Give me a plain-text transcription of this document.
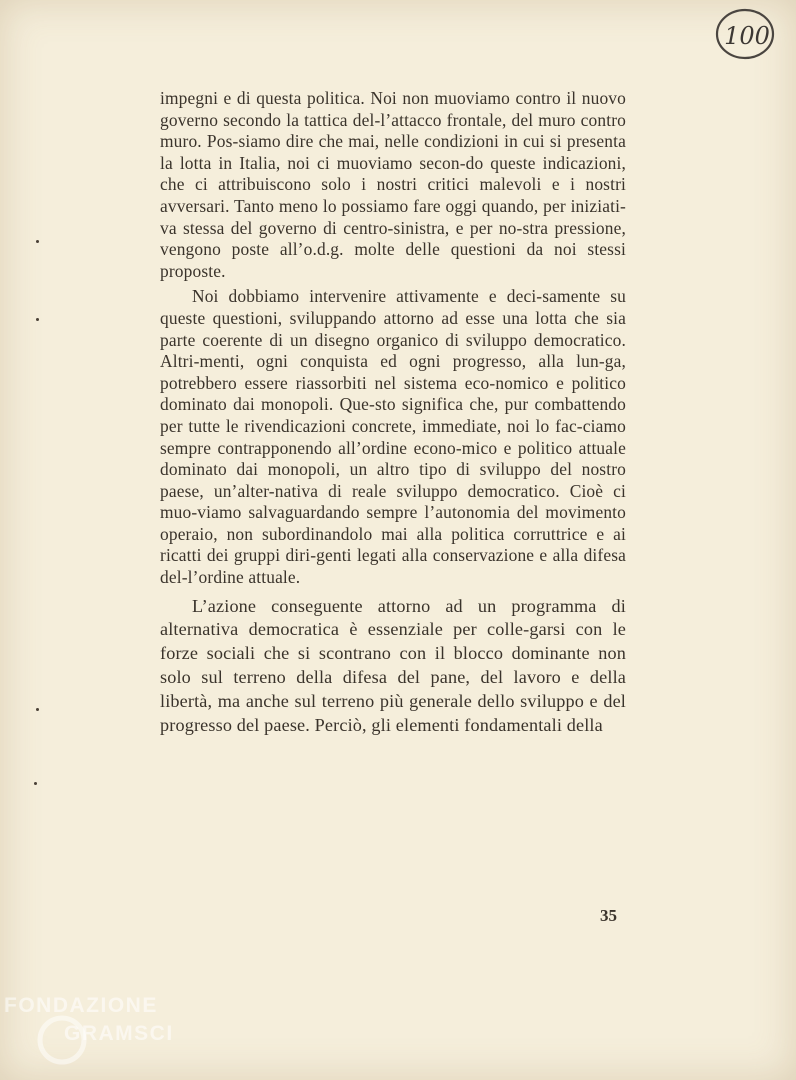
100

impegni e di questa politica. Noi non muoviamo contro il nuovo governo secondo la tattica del-l’attacco frontale, del muro contro muro. Pos-siamo dire che mai, nelle condizioni in cui si presenta la lotta in Italia, noi ci muoviamo secon-do queste indicazioni, che ci attribuiscono solo i nostri critici malevoli e i nostri avversari. Tanto meno lo possiamo fare oggi quando, per iniziati-va stessa del governo di centro-sinistra, e per no-stra pressione, vengono poste all’o.d.g. molte delle questioni da noi stessi proposte.

Noi dobbiamo intervenire attivamente e deci-samente su queste questioni, sviluppando attorno ad esse una lotta che sia parte coerente di un disegno organico di sviluppo democratico. Altri-menti, ogni conquista ed ogni progresso, alla lun-ga, potrebbero essere riassorbiti nel sistema eco-nomico e politico dominato dai monopoli. Que-sto significa che, pur combattendo per tutte le rivendicazioni concrete, immediate, noi lo fac-ciamo sempre contrapponendo all’ordine econo-mico e politico attuale dominato dai monopoli, un altro tipo di sviluppo del nostro paese, un’alter-nativa di reale sviluppo democratico. Cioè ci muo-viamo salvaguardando sempre l’autonomia del movimento operaio, non subordinandolo mai alla politica corruttrice e ai ricatti dei gruppi diri-genti legati alla conservazione e alla difesa del-l’ordine attuale.

L’azione conseguente attorno ad un programma di alternativa democratica è essenziale per colle-garsi con le forze sociali che si scontrano con il blocco dominante non solo sul terreno della difesa del pane, del lavoro e della libertà, ma anche sul terreno più generale dello sviluppo e del progresso del paese. Perciò, gli elementi fondamentali della

35
FONDAZIONE
GRAMSCI
